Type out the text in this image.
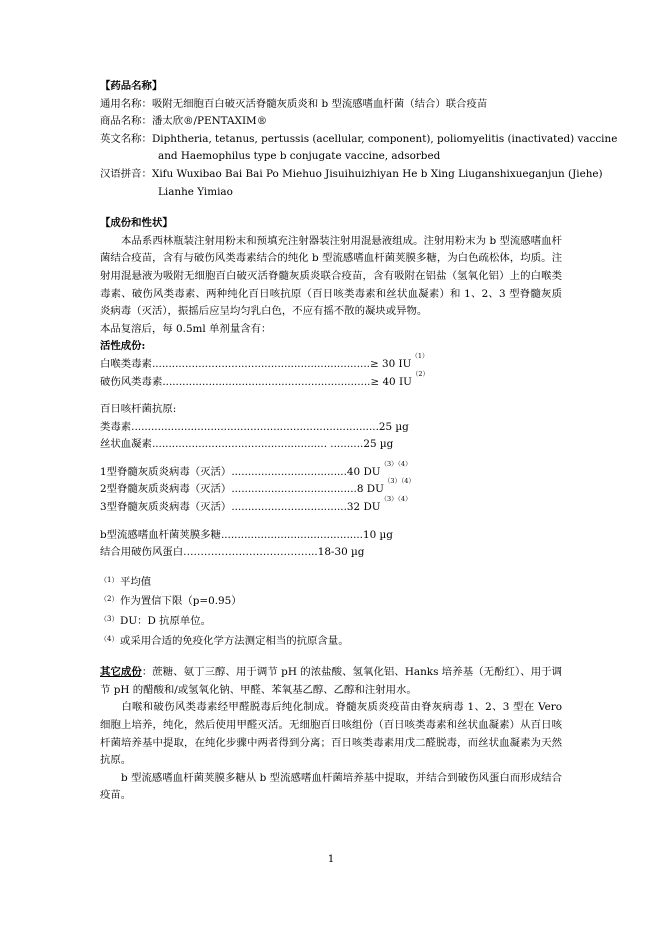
【药品名称】
通用名称：吸附无细胞百白破灭活脊髓灰质炎和 b 型流感嗜血杆菌（结合）联合疫苗
商品名称：潘太欣®/PENTAXIM®
英文名称：Diphtheria, tetanus, pertussis (acellular, component), poliomyelitis (inactivated) vaccine
and Haemophilus type b conjugate vaccine, adsorbed
汉语拼音：Xifu Wuxibao Bai Bai Po Miehuo Jisuihuizhiyan He b Xing Liuganshixueganjun (Jiehe)
Lianhe Yimiao
【成份和性状】
本品系西林瓶装注射用粉末和预填充注射器装注射用混悬液组成。注射用粉末为 b 型流感嗜血杆菌结合疫苗，含有与破伤风类毒素结合的纯化 b 型流感嗜血杆菌荚膜多糖，为白色疏松体，均质。注射用混悬液为吸附无细胞百白破灭活脊髓灰质炎联合疫苗，含有吸附在铝盐（氢氧化铝）上的白喉类毒素、破伤风类毒素、两种纯化百日咳抗原（百日咳类毒素和丝状血凝素）和 1、2、3 型脊髓灰质炎病毒（灭活），振摇后应呈均匀乳白色，不应有摇不散的凝块或异物。
本品复溶后，每 0.5ml 单剂量含有：
活性成份:
白喉类毒素 .................................................................. ≥ 30 IU
（1）
破伤风类毒素 ............................................................... ≥ 40 IU
（2）
百日咳杆菌抗原:
类毒素 ........................................................................... 25 µg
丝状血凝素 ..................................................... .......... 25 µg
1型脊髓灰质炎病毒（灭活） ................................... 40 DU
（3）（4）
2型脊髓灰质炎病毒（灭活） ...................................... 8 DU
（3）（4）
3型脊髓灰质炎病毒（灭活） ................................... 32 DU
（3）（4）
b型流感嗜血杆菌荚膜多糖 ........................................... 10 µg
结合用破伤风蛋白 ………………………………... 18-30 µg
（1） 平均值
（2） 作为置信下限（p=0.95）
（3） DU：D 抗原单位。
（4） 或采用合适的免疫化学方法测定相当的抗原含量。
其它成份：蔗糖、氨丁三醇、用于调节 pH 的浓盐酸、氢氧化铝、Hanks 培养基（无酚红）、用于调节 pH 的醋酸和/或氢氧化钠、甲醛、苯氧基乙醇、乙醇和注射用水。
白喉和破伤风类毒素经甲醛脱毒后纯化制成。脊髓灰质炎疫苗由脊灰病毒 1、2、3 型在 Vero 细胞上培养，纯化，然后使用甲醛灭活。无细胞百日咳组份（百日咳类毒素和丝状血凝素）从百日咳杆菌培养基中提取，在纯化步骤中两者得到分离；百日咳类毒素用戊二醛脱毒，而丝状血凝素为天然抗原。
b 型流感嗜血杆菌荚膜多糖从 b 型流感嗜血杆菌培养基中提取，并结合到破伤风蛋白而形成结合疫苗。
1
